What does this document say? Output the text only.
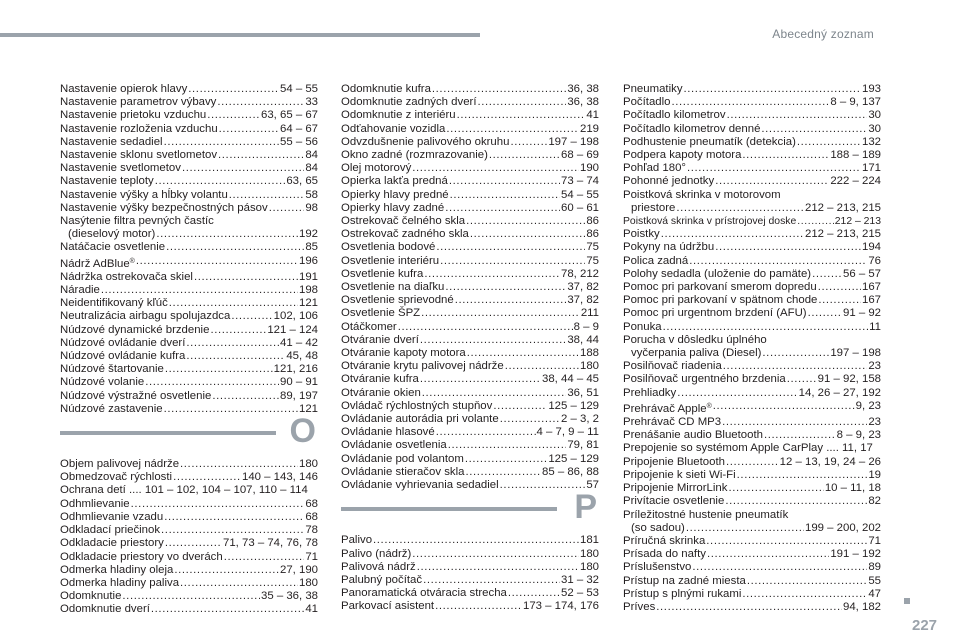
Abecedný zoznam
Nastavenie opierok hlavy .....	54 – 55
Nastavenie parametrov výbavy .....	33
Nastavenie prietoku vzduchu .....	63, 65 – 67
Nastavenie rozloženia vzduchu .....	64 – 67
Nastavenie sedadiel .....	55 – 56
Nastavenie sklonu svetlometov .....	84
Nastavenie svetlometov .....	84
Nastavenie teploty .....	63, 65
Nastavenie výšky a hĺbky volantu .....	58
Nastavenie výšky bezpečnostných pásov .....	98
Nasýtenie filtra pevných častíc
(dieselový motor) .....	192
Natáčacie osvetlenie .....	85
Nádrž AdBlue® .....	196
Nádržka ostrekovača skiel .....	191
Náradie .....	198
Neidentifikovaný kľúč .....	121
Neutralizácia airbagu spolujazdca .....	102, 106
Núdzové dynamické brzdenie .....	121 – 124
Núdzové ovládanie dverí .....	41 – 42
Núdzové ovládanie kufra .....	45, 48
Núdzové štartovanie .....	121, 216
Núdzové volanie .....	90 – 91
Núdzové výstražné osvetlenie .....	89, 197
Núdzové zastavenie .....	121
O
Objem palivovej nádrže .....	180
Obmedzovač rýchlosti .....	140 – 143, 146
Ochrana detí .... 101 – 102, 104 – 107, 110 – 114
Odhmlievanie .....	68
Odhmlievanie vzadu .....	68
Odkladací priečinok .....	78
Odkladacie priestory .....	71, 73 – 74, 76, 78
Odkladacie priestory vo dverách .....	71
Odmerka hladiny oleja .....	27, 190
Odmerka hladiny paliva .....	180
Odomknutie .....	35 – 36, 38
Odomknutie dverí .....	41
Odomknutie kufra .....	36, 38
Odomknutie zadných dverí .....	36, 38
Odomknutie z interiéru .....	41
Odťahovanie vozidla .....	219
Odvzdušnenie palivového okruhu .....	197 – 198
Okno zadné (rozmrazovanie) .....	68 – 69
Olej motorový .....	190
Opierka lakťa predná .....	73 – 74
Opierky hlavy predné .....	54 – 55
Opierky hlavy zadné .....	60 – 61
Ostrekovač čelného skla .....	86
Ostrekovač zadného skla .....	86
Osvetlenia bodové .....	75
Osvetlenie interiéru .....	75
Osvetlenie kufra .....	78, 212
Osvetlenie na diaľku .....	37, 82
Osvetlenie sprievodné .....	37, 82
Osvetlenie ŠPZ .....	211
Otáčkomer .....	8 – 9
Otváranie dverí .....	38, 44
Otváranie kapoty motora .....	188
Otváranie krytu palivovej nádrže .....	180
Otváranie kufra .....	38, 44 – 45
Otváranie okien .....	36, 51
Ovládač rýchlostných stupňov .....	125 – 129
Ovládanie autorádia pri volante .....	2 – 3, 2
Ovládanie hlasové .....	4 – 7, 9 – 11
Ovládanie osvetlenia .....	79, 81
Ovládanie pod volantom .....	125 – 129
Ovládanie stieračov skla .....	85 – 86, 88
Ovládanie vyhrievania sedadiel .....	57
P
Palivo .....	181
Palivo (nádrž) .....	180
Palivová nádrž .....	180
Palubný počítač .....	31 – 32
Panoramatická otváracia strecha .....	52 – 53
Parkovací asistent .....	173 – 174, 176
Pneumatiky .....	193
Počítadlo .....	8 – 9, 137
Počítadlo kilometrov .....	30
Počítadlo kilometrov denné .....	30
Podhustenie pneumatík (detekcia) .....	132
Podpera kapoty motora .....	188 – 189
Pohľad 180° .....	171
Pohonné jednotky .....	222 – 224
Poistková skrinka v motorovom
priestore .....	212 – 213, 215
Poistková skrinka v prístrojovej doske .....	212 – 213
Poistky .....	212 – 213, 215
Pokyny na údržbu .....	194
Polica zadná .....	76
Polohy sedadla (uloženie do pamäte) .....	56 – 57
Pomoc pri parkovaní smerom dopredu .....	167
Pomoc pri parkovaní v spätnom chode .....	167
Pomoc pri urgentnom brzdení (AFU) .....	91 – 92
Ponuka .....	11
Porucha v dôsledku úplného
vyčerpania paliva (Diesel) .....	197 – 198
Posilňovač riadenia .....	23
Posilňovač urgentného brzdenia .....	91 – 92, 158
Prehliadky .....	14, 26 – 27, 192
Prehrávač Apple® .....	9, 23
Prehrávač CD MP3 .....	23
Prenášanie audio Bluetooth .....	8 – 9, 23
Prepojenie so systémom Apple CarPlay .... 11, 17
Pripojenie Bluetooth .....	12 – 13, 19, 24 – 26
Pripojenie k sieti Wi-Fi .....	19
Pripojenie MirrorLink .....	10 – 11, 18
Privítacie osvetlenie .....	82
Príležitostné hustenie pneumatík
(so sadou) .....	199 – 200, 202
Príručná skrinka .....	71
Prísada do nafty .....	191 – 192
Príslušenstvo .....	89
Prístup na zadné miesta .....	55
Prístup s plnými rukami .....	47
Príves .....	94, 182
227
